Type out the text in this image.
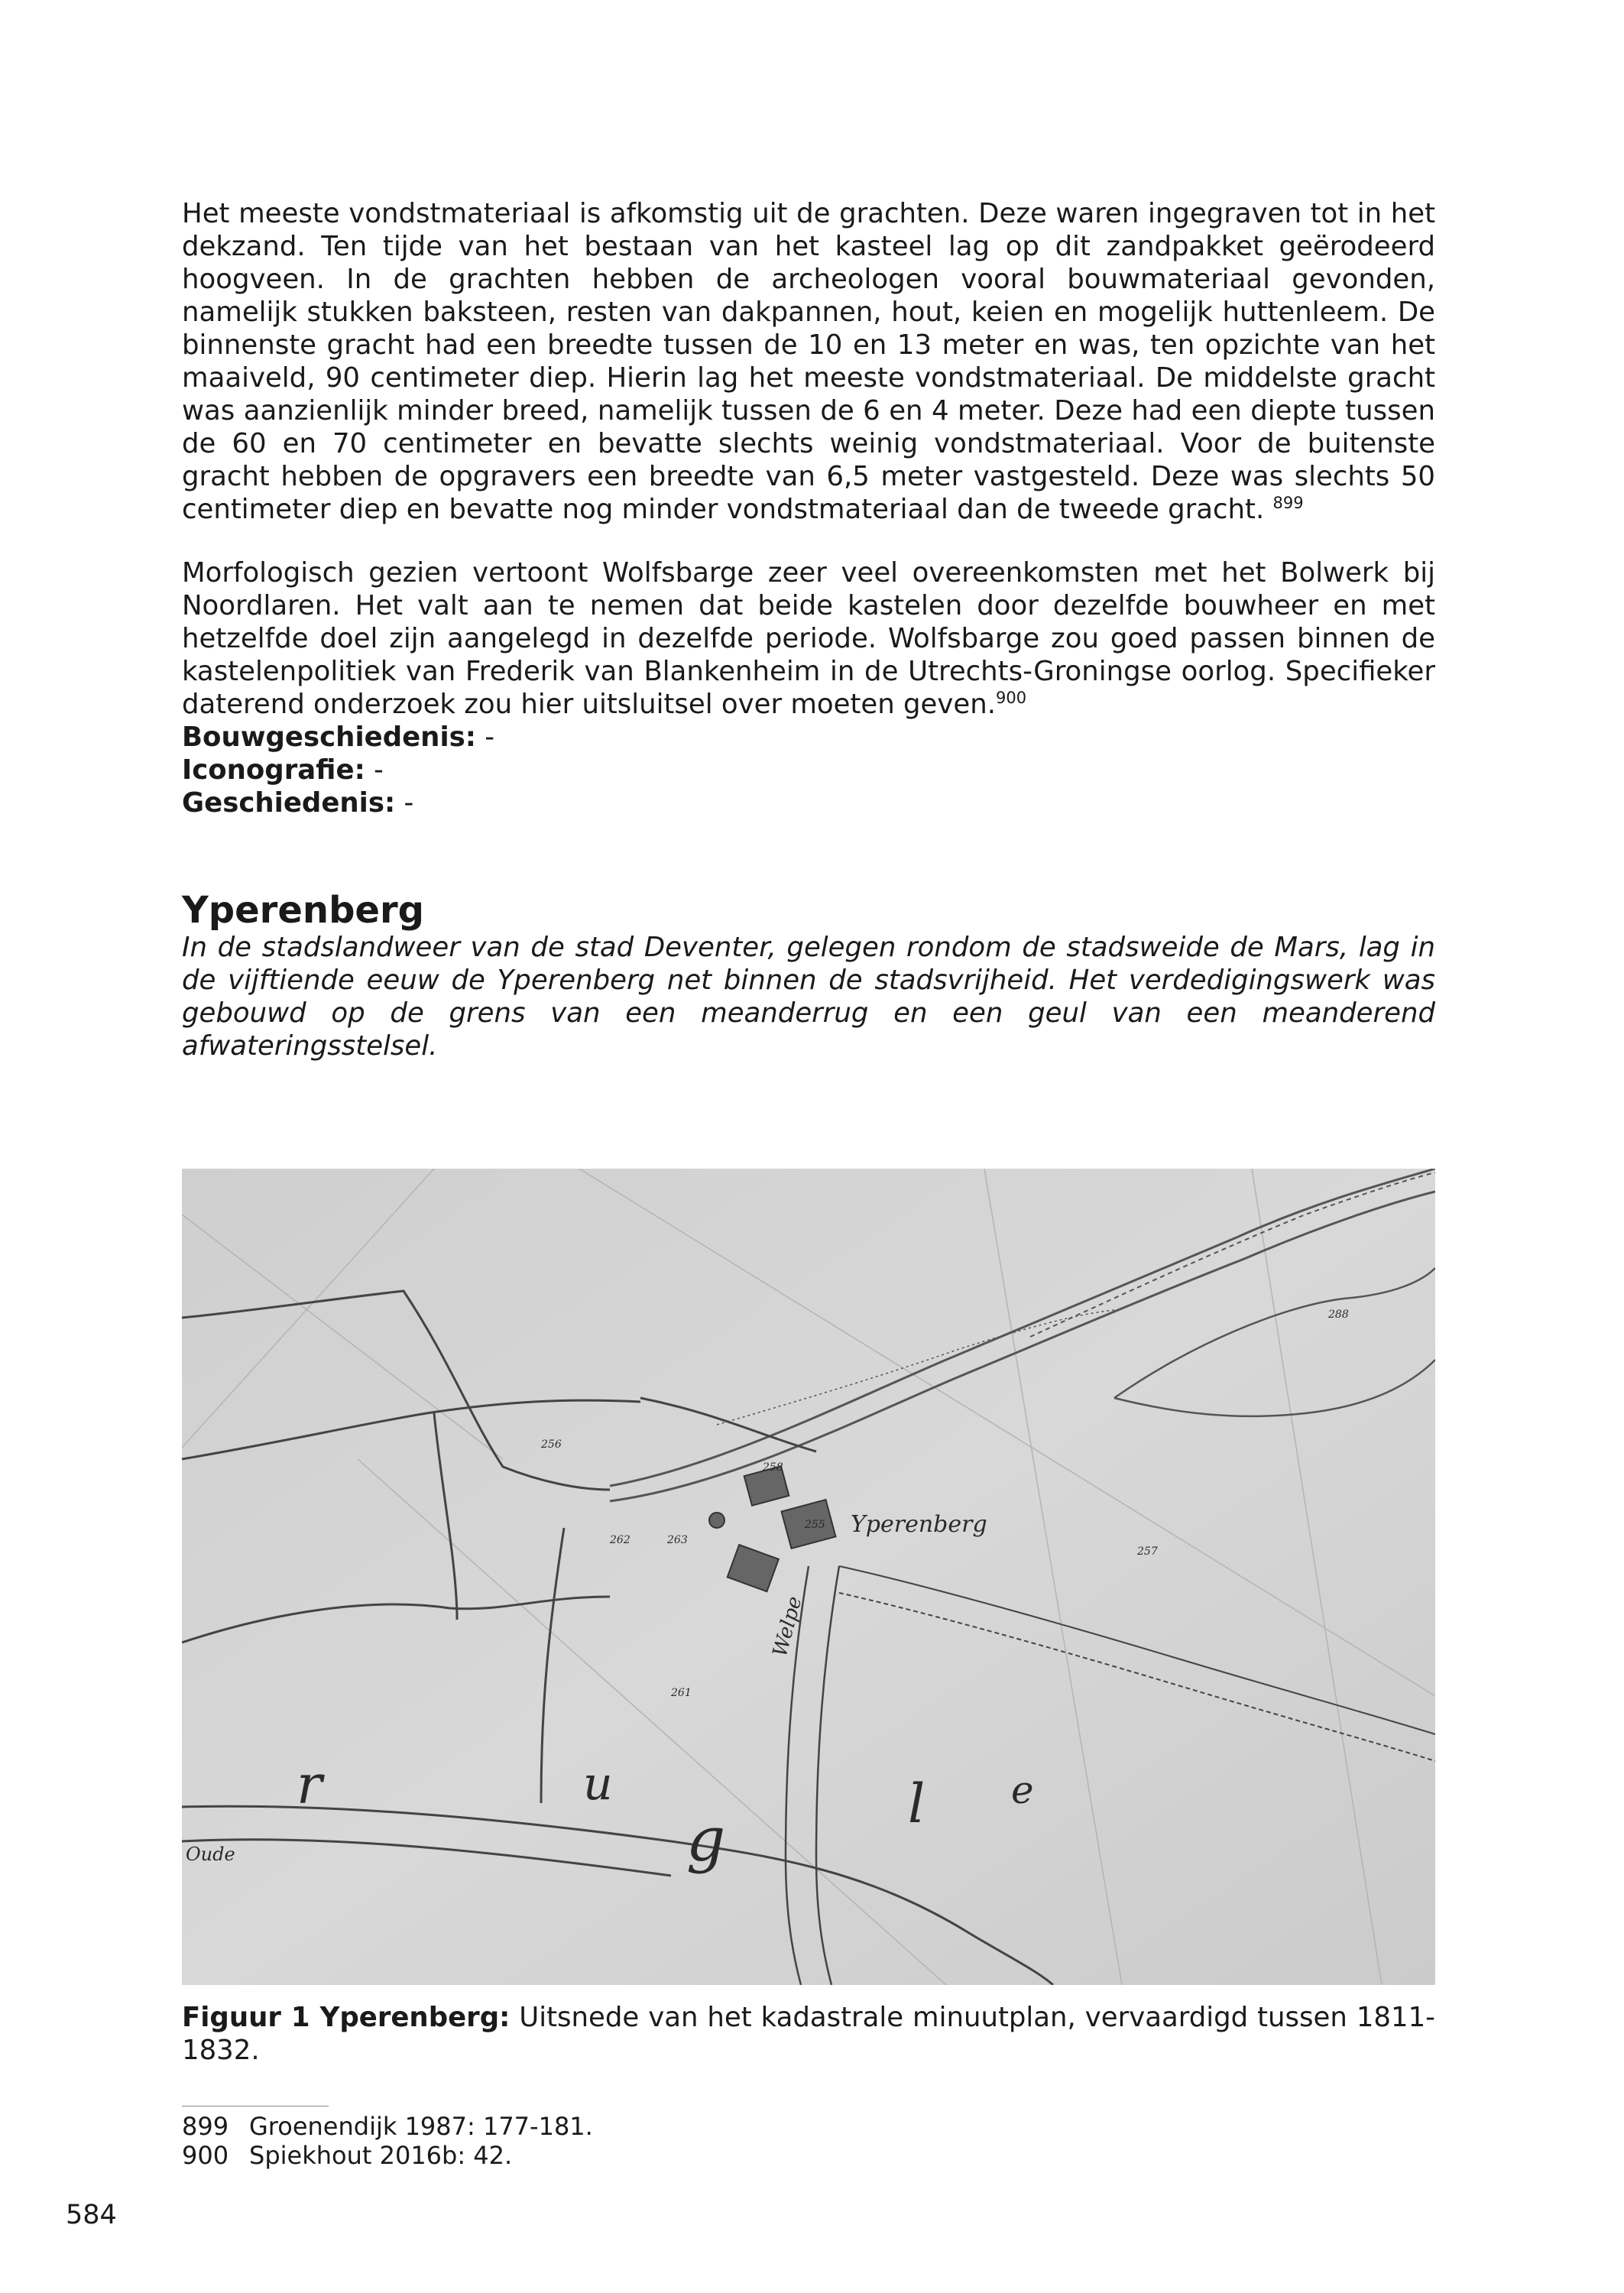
Het meeste vondstmateriaal is afkomstig uit de grachten. Deze waren ingegraven tot in het dekzand. Ten tijde van het bestaan van het kasteel lag op dit zandpakket geërodeerd hoogveen. In de grachten hebben de archeologen vooral bouwmateriaal gevonden, namelijk stukken baksteen, resten van dakpannen, hout, keien en mogelijk huttenleem. De binnenste gracht had een breedte tussen de 10 en 13 meter en was, ten opzichte van het maaiveld, 90 centimeter diep. Hierin lag het meeste vondstmateriaal. De middelste gracht was aanzienlijk minder breed, namelijk tussen de 6 en 4 meter. Deze had een diepte tussen de 60 en 70 centimeter en bevatte slechts weinig vondstmateriaal. Voor de buitenste gracht hebben de opgravers een breedte van 6,5 meter vastgesteld. Deze was slechts 50 centimeter diep en bevatte nog minder vondstmateriaal dan de tweede gracht. $^{899}$

Morfologisch gezien vertoont Wolfsbarge zeer veel overeenkomsten met het Bolwerk bij Noordlaren. Het valt aan te nemen dat beide kastelen door dezelfde bouwheer en met hetzelfde doel zijn aangelegd in dezelfde periode. Wolfsbarge zou goed passen binnen de kastelenpolitiek van Frederik van Blankenheim in de Utrechts-Groningse oorlog. Specifieker daterend onderzoek zou hier uitsluitsel over moeten geven.$^{900}$

Bouwgeschiedenis: -
Iconografie: -
Geschiedenis: -
Yperenberg

In de stadslandweer van de stad Deventer, gelegen rondom de stadsweide de Mars, lag in de vijftiende eeuw de Yperenberg net binnen de stadsvrijheid. Het verdedigingswerk was gebouwd op de grens van een meanderrug en een geul van een meanderend afwateringsstelsel.

Yperenberg
Welpe
r	u
g	l e
Oude
258
256
288
262	263
255
257
261
Figuur 1 Yperenberg: Uitsnede van het kadastrale minuutplan, vervaardigd tussen 1811-1832.
899 Groenendijk 1987: 177-181.
900 Spiekhout 2016b: 42.
584
